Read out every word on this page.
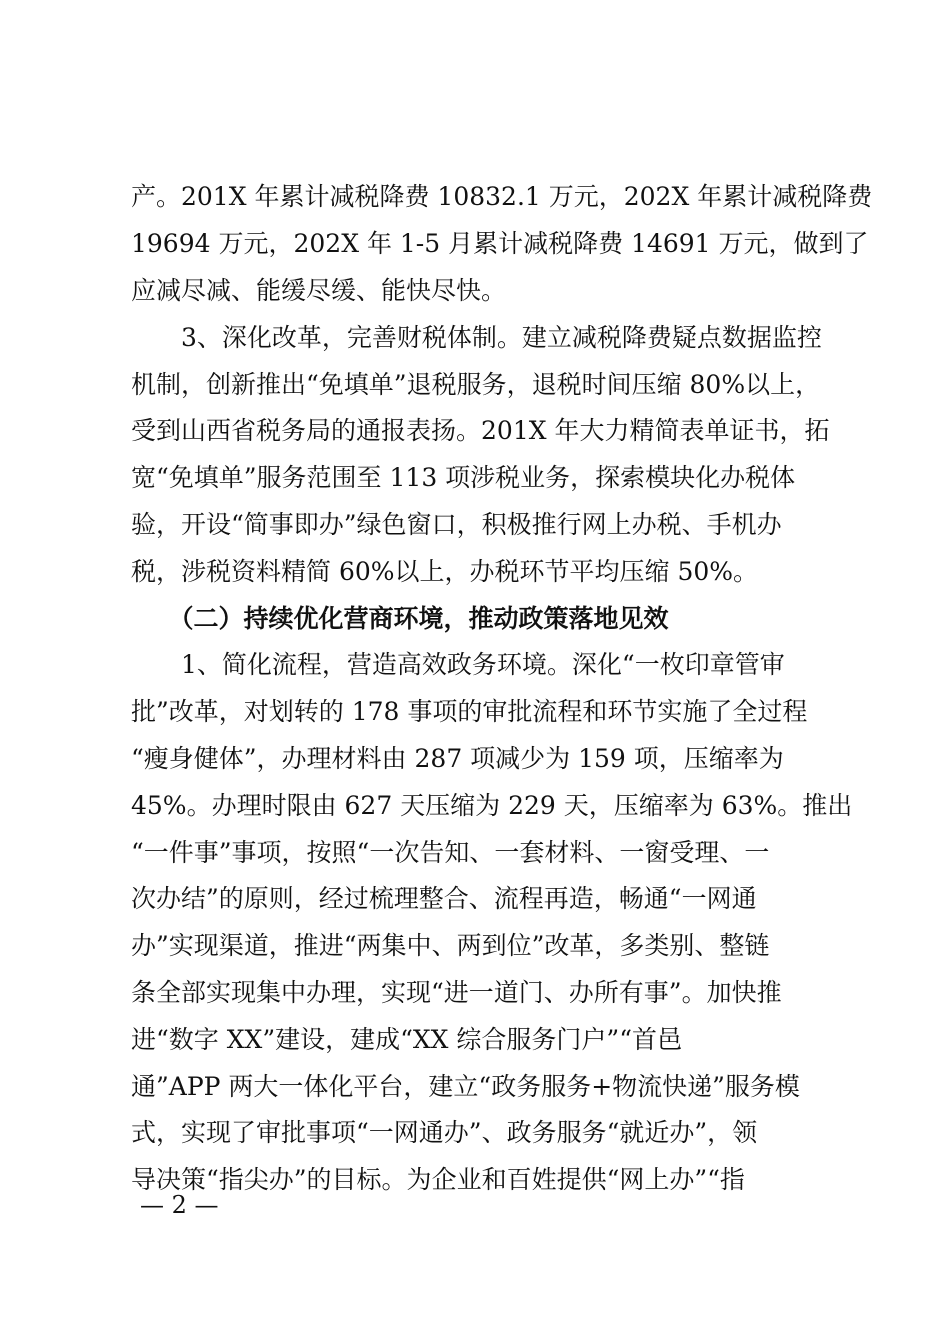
产。201X 年累计减税降费 10832.1 万元，202X 年累计减税降费
19694 万元，202X 年 1-5 月累计减税降费 14691 万元，做到了
应减尽减、能缓尽缓、能快尽快。
　　3、深化改革，完善财税体制。建立减税降费疑点数据监控
机制，创新推出“免填单”退税服务，退税时间压缩 80%以上，
受到山西省税务局的通报表扬。201X 年大力精简表单证书，拓
宽“免填单”服务范围至 113 项涉税业务，探索模块化办税体
验，开设“简事即办”绿色窗口，积极推行网上办税、手机办
税，涉税资料精简 60%以上，办税环节平均压缩 50%。
　　（二）持续优化营商环境，推动政策落地见效
　　1、简化流程，营造高效政务环境。深化“一枚印章管审
批”改革，对划转的 178 事项的审批流程和环节实施了全过程
“瘦身健体”，办理材料由 287 项减少为 159 项，压缩率为
45%。办理时限由 627 天压缩为 229 天，压缩率为 63%。推出
“一件事”事项，按照“一次告知、一套材料、一窗受理、一
次办结”的原则，经过梳理整合、流程再造，畅通“一网通
办”实现渠道，推进“两集中、两到位”改革，多类别、整链
条全部实现集中办理，实现“进一道门、办所有事”。加快推
进“数字 XX”建设，建成“XX 综合服务门户”“首邑
通”APP 两大一体化平台，建立“政务服务+物流快递”服务模
式，实现了审批事项“一网通办”、政务服务“就近办”，领
导决策“指尖办”的目标。为企业和百姓提供“网上办”“指
— 2 —
